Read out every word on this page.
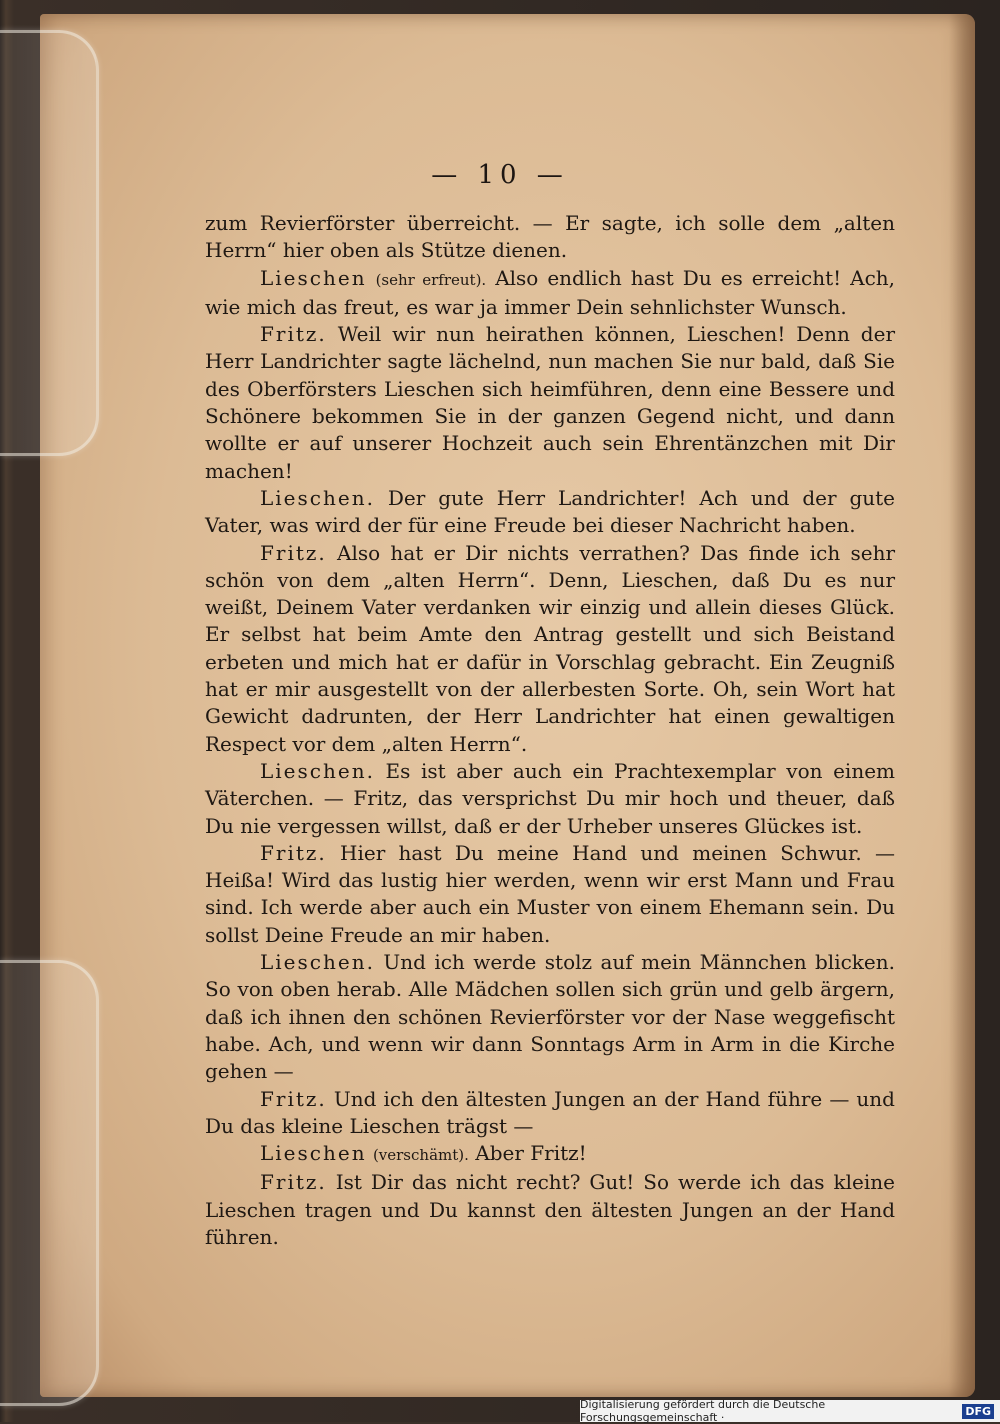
— 10 —

zum Revierförster überreicht. — Er sagte, ich solle dem „alten Herrn“ hier oben als Stütze dienen.

Lieschen (sehr erfreut). Also endlich hast Du es erreicht! Ach, wie mich das freut, es war ja immer Dein sehnlichster Wunsch.

Fritz. Weil wir nun heirathen können, Lieschen! Denn der Herr Landrichter sagte lächelnd, nun machen Sie nur bald, daß Sie des Oberförsters Lieschen sich heimführen, denn eine Bessere und Schönere bekommen Sie in der ganzen Gegend nicht, und dann wollte er auf unserer Hochzeit auch sein Ehrentänzchen mit Dir machen!

Lieschen. Der gute Herr Landrichter! Ach und der gute Vater, was wird der für eine Freude bei dieser Nachricht haben.

Fritz. Also hat er Dir nichts verrathen? Das finde ich sehr schön von dem „alten Herrn“. Denn, Lieschen, daß Du es nur weißt, Deinem Vater verdanken wir einzig und allein dieses Glück. Er selbst hat beim Amte den Antrag gestellt und sich Beistand erbeten und mich hat er dafür in Vorschlag gebracht. Ein Zeugniß hat er mir ausgestellt von der allerbesten Sorte. Oh, sein Wort hat Gewicht dadrunten, der Herr Landrichter hat einen gewaltigen Respect vor dem „alten Herrn“.

Lieschen. Es ist aber auch ein Prachtexemplar von einem Väterchen. — Fritz, das versprichst Du mir hoch und theuer, daß Du nie vergessen willst, daß er der Urheber unseres Glückes ist.

Fritz. Hier hast Du meine Hand und meinen Schwur. — Heißa! Wird das lustig hier werden, wenn wir erst Mann und Frau sind. Ich werde aber auch ein Muster von einem Ehemann sein. Du sollst Deine Freude an mir haben.

Lieschen. Und ich werde stolz auf mein Männchen blicken. So von oben herab. Alle Mädchen sollen sich grün und gelb ärgern, daß ich ihnen den schönen Revierförster vor der Nase weggefischt habe. Ach, und wenn wir dann Sonntags Arm in Arm in die Kirche gehen —

Fritz. Und ich den ältesten Jungen an der Hand führe — und Du das kleine Lieschen trägst —

Lieschen (verschämt). Aber Fritz!

Fritz. Ist Dir das nicht recht? Gut! So werde ich das kleine Lieschen tragen und Du kannst den ältesten Jungen an der Hand führen.

Digitalisierung gefördert durch die Deutsche Forschungsgemeinschaft ·	DFG
